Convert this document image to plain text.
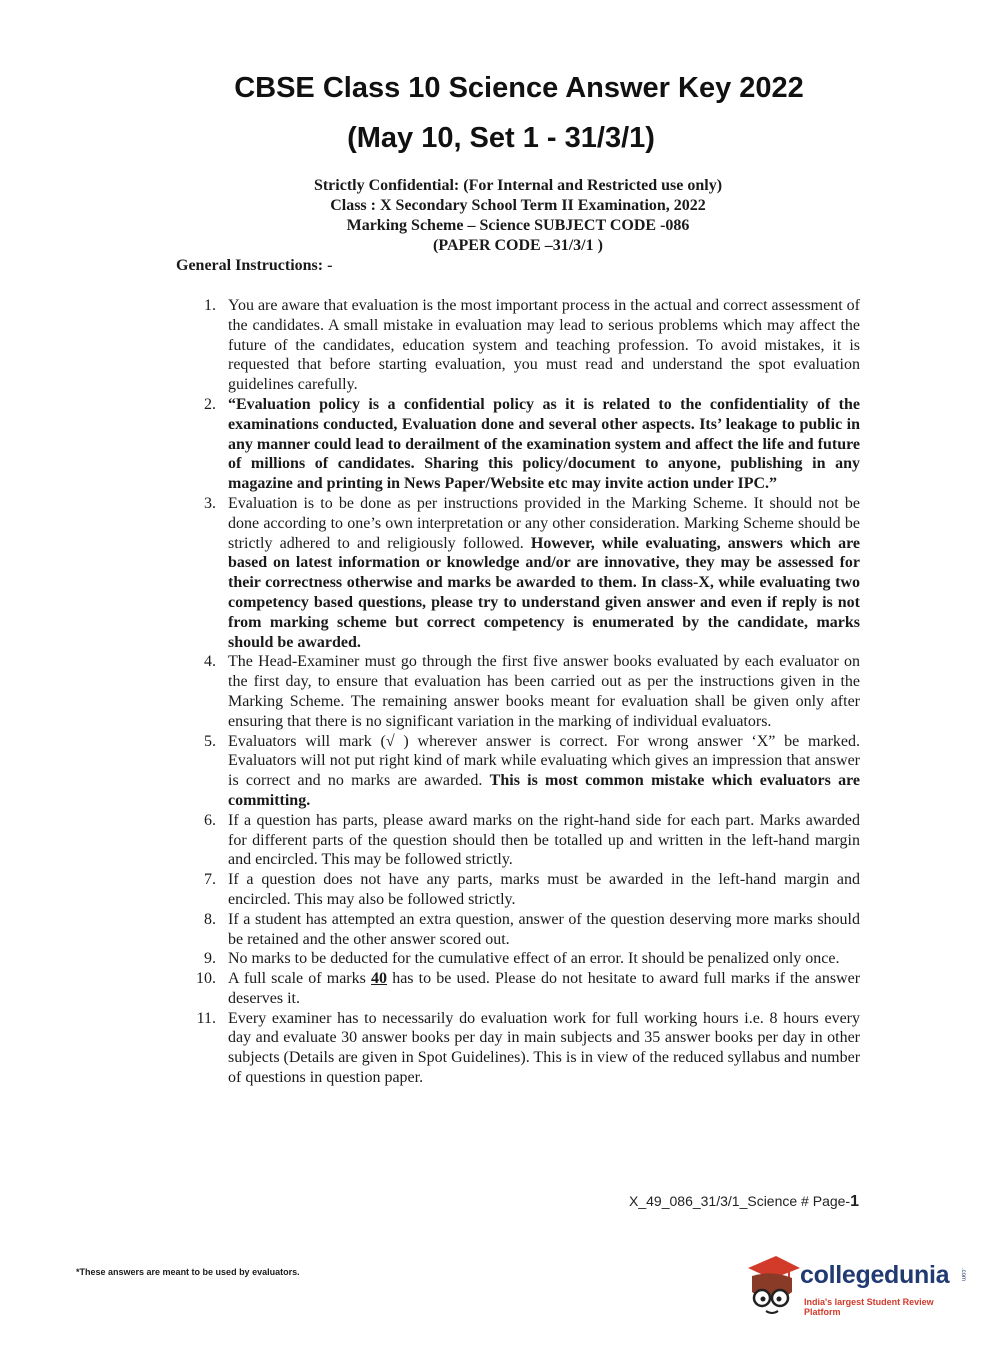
CBSE Class 10 Science Answer Key 2022
(May 10, Set 1 - 31/3/1)
Strictly Confidential: (For Internal and Restricted use only)
Class : X Secondary School Term II Examination, 2022
Marking Scheme – Science SUBJECT CODE -086
(PAPER CODE –31/3/1 )
General Instructions: -
1. You are aware that evaluation is the most important process in the actual and correct assessment of the candidates. A small mistake in evaluation may lead to serious problems which may affect the future of the candidates, education system and teaching profession. To avoid mistakes, it is requested that before starting evaluation, you must read and understand the spot evaluation guidelines carefully.
2. “Evaluation policy is a confidential policy as it is related to the confidentiality of the examinations conducted, Evaluation done and several other aspects. Its’ leakage to public in any manner could lead to derailment of the examination system and affect the life and future of millions of candidates. Sharing this policy/document to anyone, publishing in any magazine and printing in News Paper/Website etc may invite action under IPC.”
3. Evaluation is to be done as per instructions provided in the Marking Scheme. It should not be done according to one’s own interpretation or any other consideration. Marking Scheme should be strictly adhered to and religiously followed. However, while evaluating, answers which are based on latest information or knowledge and/or are innovative, they may be assessed for their correctness otherwise and marks be awarded to them. In class-X, while evaluating two competency based questions, please try to understand given answer and even if reply is not from marking scheme but correct competency is enumerated by the candidate, marks should be awarded.
4. The Head-Examiner must go through the first five answer books evaluated by each evaluator on the first day, to ensure that evaluation has been carried out as per the instructions given in the Marking Scheme. The remaining answer books meant for evaluation shall be given only after ensuring that there is no significant variation in the marking of individual evaluators.
5. Evaluators will mark (√ ) wherever answer is correct. For wrong answer ‘X” be marked. Evaluators will not put right kind of mark while evaluating which gives an impression that answer is correct and no marks are awarded. This is most common mistake which evaluators are committing.
6. If a question has parts, please award marks on the right-hand side for each part. Marks awarded for different parts of the question should then be totalled up and written in the left-hand margin and encircled. This may be followed strictly.
7. If a question does not have any parts, marks must be awarded in the left-hand margin and encircled. This may also be followed strictly.
8. If a student has attempted an extra question, answer of the question deserving more marks should be retained and the other answer scored out.
9. No marks to be deducted for the cumulative effect of an error. It should be penalized only once.
10. A full scale of marks 40 has to be used. Please do not hesitate to award full marks if the answer deserves it.
11. Every examiner has to necessarily do evaluation work for full working hours i.e. 8 hours every day and evaluate 30 answer books per day in main subjects and 35 answer books per day in other subjects (Details are given in Spot Guidelines). This is in view of the reduced syllabus and number of questions in question paper.
X_49_086_31/3/1_Science # Page-1
*These answers are meant to be used by evaluators.	collegedunia .com
India's largest Student Review Platform
